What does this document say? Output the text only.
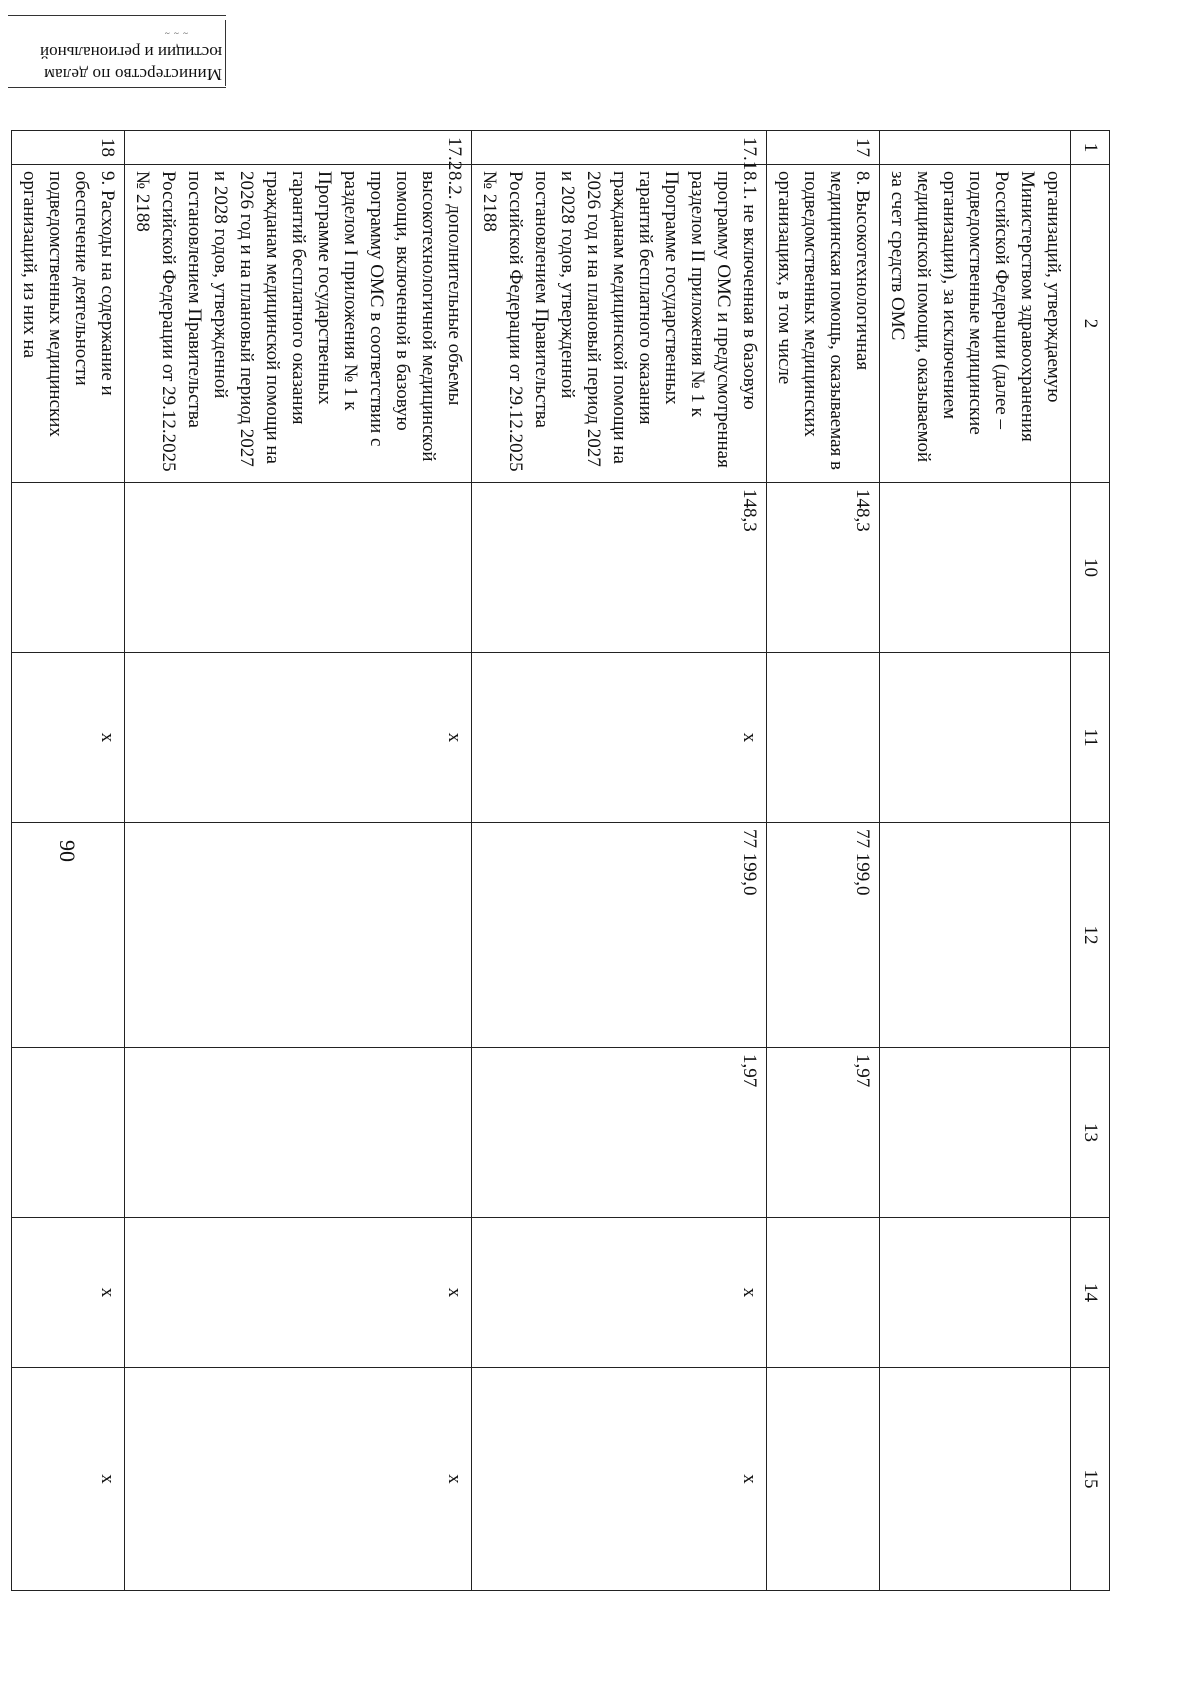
Министерство по делам
юстиции и региональной
~ ~ ~
90
1	2	10	11	12	13	14	15
	организаций, утверждаемую Министерством здравоохранения Российской Федерации (далее –подведомственные медицинские организации), за исключением медицинской помощи, оказываемой за счет средств ОМС						
17	8. Высокотехнологичная медицинская помощь, оказываемая в подведомственных медицинских организациях, в том числе	148,3		77 199,0	1,97		
17.1	8.1. не включенная в базовую программу ОМС и предусмотренная разделом II приложения № 1 к Программе государственных гарантий бесплатного оказания гражданам медицинской помощи на 2026 год и на плановый период 2027 и 2028 годов, утвержденной постановлением Правительства Российской Федерации от 29.12.2025 № 2188	148,3	x	77 199,0	1,97	x	x
17.2	8.2. дополнительные объемы высокотехнологичной медицинской помощи, включенной в базовую программу ОМС в соответствии с разделом I приложения № 1 к Программе государственных гарантий бесплатного оказания гражданам медицинской помощи на 2026 год и на плановый период 2027 и 2028 годов, утвержденной постановлением Правительства Российской Федерации от 29.12.2025 № 2188		x			x	x
18	9. Расходы на содержание и обеспечение деятельности подведомственных медицинских организаций, из них на		x			x	x
